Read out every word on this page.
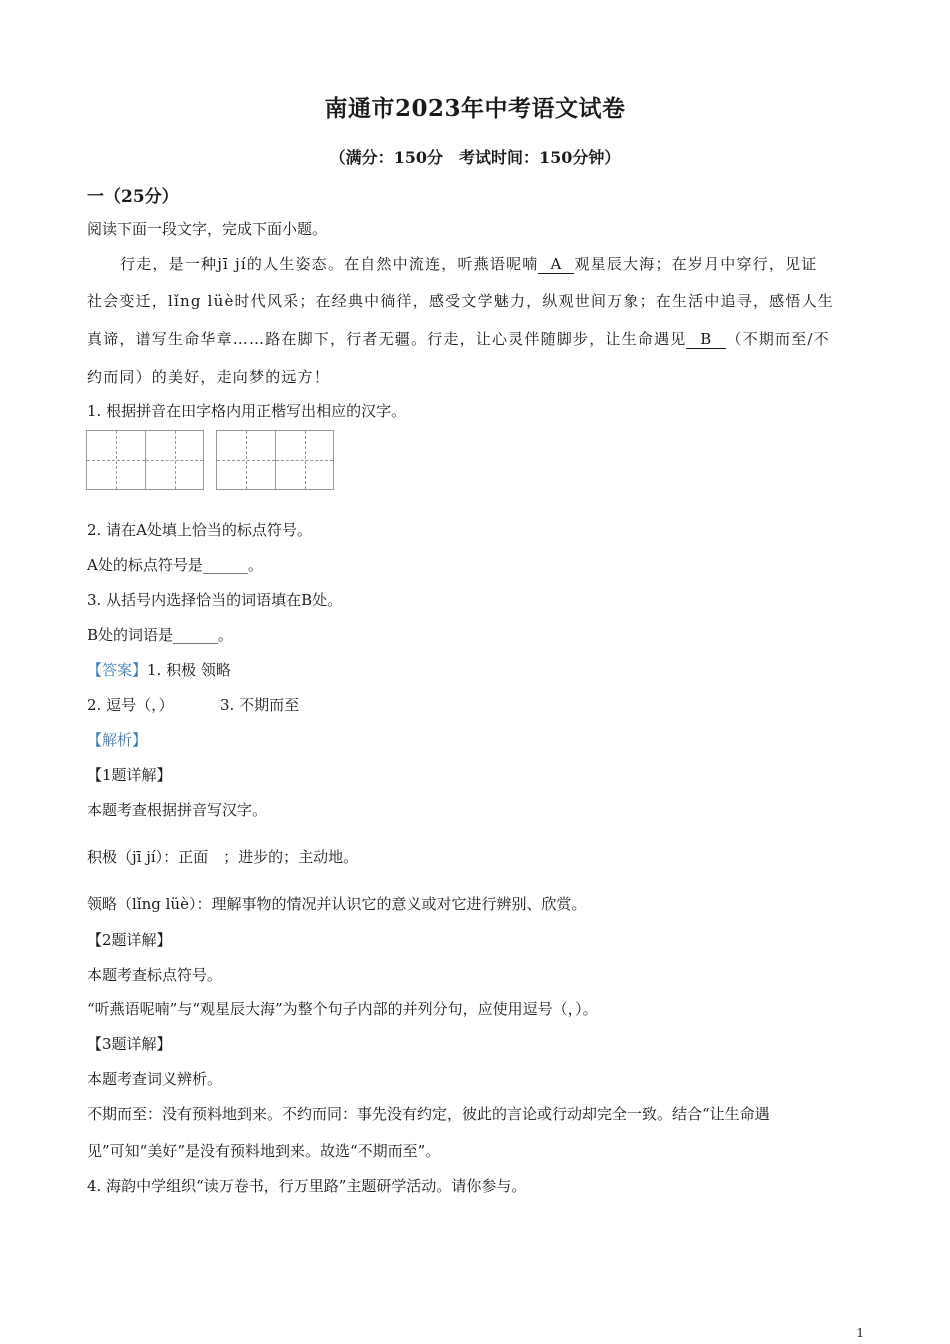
南通市2023年中考语文试卷
（满分：150分　考试时间：150分钟）
一（25分）
阅读下面一段文字，完成下面小题。
行走，是一种jī jí的人生姿态。在自然中流连，听燕语呢喃 A 观星辰大海；在岁月中穿行，见证
社会变迁，lǐng lüè时代风采；在经典中徜徉，感受文学魅力，纵观世间万象；在生活中追寻，感悟人生
真谛，谱写生命华章……路在脚下，行者无疆。行走，让心灵伴随脚步，让生命遇见 B （不期而至/不
约而同）的美好，走向梦的远方！
1. 根据拼音在田字格内用正楷写出相应的汉字。
2. 请在A处填上恰当的标点符号。
A处的标点符号是______。
3. 从括号内选择恰当的词语填在B处。
B处的词语是______。
【答案】1. 积极 领略
2. 逗号（，）	3. 不期而至
【解析】
【1题详解】
本题考查根据拼音写汉字。
积极（jī jí）：正面　；进步的；主动地。
领略（lǐng lüè）：理解事物的情况并认识它的意义或对它进行辨别、欣赏。
【2题详解】
本题考查标点符号。
“听燕语呢喃”与“观星辰大海”为整个句子内部的并列分句，应使用逗号（，）。
【3题详解】
本题考查词义辨析。
不期而至：没有预料地到来。不约而同：事先没有约定，彼此的言论或行动却完全一致。结合“让生命遇
见”可知“美好”是没有预料地到来。故选“不期而至”。
4. 海韵中学组织“读万卷书，行万里路”主题研学活动。请你参与。
1
